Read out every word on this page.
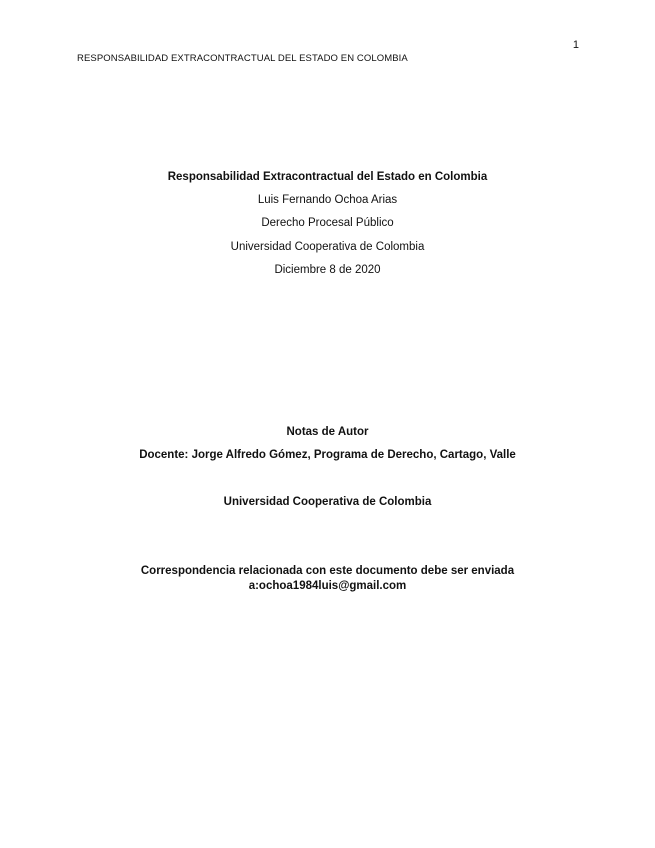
1
RESPONSABILIDAD EXTRACONTRACTUAL DEL ESTADO EN COLOMBIA
Responsabilidad Extracontractual del Estado en Colombia
Luis Fernando Ochoa Arias
Derecho Procesal Público
Universidad Cooperativa de Colombia
Diciembre 8 de 2020
Notas de Autor
Docente: Jorge Alfredo Gómez, Programa de Derecho, Cartago, Valle
Universidad Cooperativa de Colombia
Correspondencia relacionada con este documento debe ser enviada
a:ochoa1984luis@gmail.com
